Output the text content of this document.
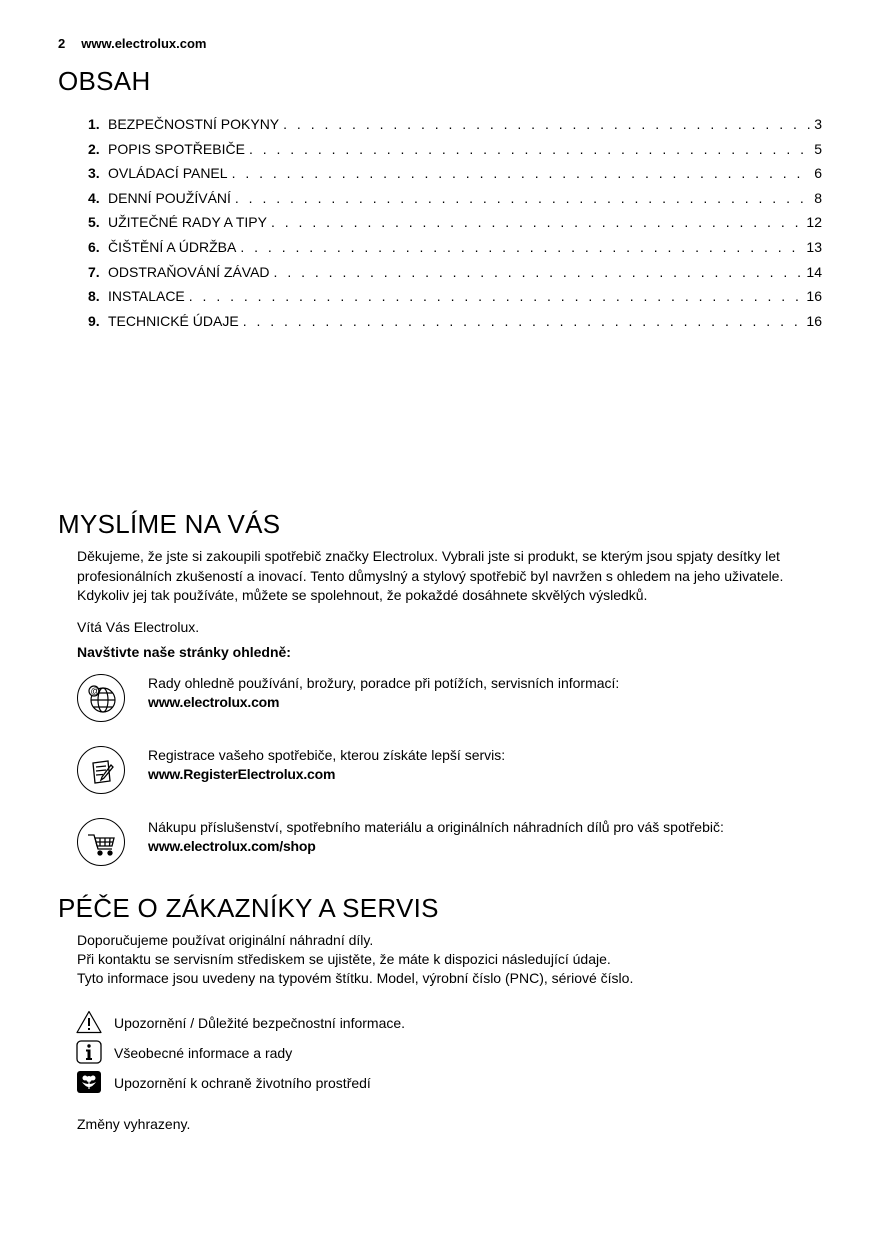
2 www.electrolux.com
OBSAH
1. BEZPEČNOSTNÍ POKYNY . . .	3
2. POPIS SPOTŘEBIČE . . .	5
3. OVLÁDACÍ PANEL . . .	6
4. DENNÍ POUŽÍVÁNÍ . . .	8
5. UŽITEČNÉ RADY A TIPY . . .	12
6. ČIŠTĚNÍ A ÚDRŽBA . . .	13
7. ODSTRAŇOVÁNÍ ZÁVAD . . .	14
8. INSTALACE . . .	16
9. TECHNICKÉ ÚDAJE . . .	16
MYSLÍME NA VÁS

Děkujeme, že jste si zakoupili spotřebič značky Electrolux. Vybrali jste si produkt, se kterým jsou spjaty desítky let profesionálních zkušeností a inovací. Tento důmyslný a stylový spotřebič byl navržen s ohledem na jeho uživatele. Kdykoliv jej tak používáte, můžete se spolehnout, že pokaždé dosáhnete skvělých výsledků.

Vítá Vás Electrolux.

Navštivte naše stránky ohledně:

@	Rady ohledně používání, brožury, poradce při potížích, servisních informací:
www.electrolux.com
Registrace vašeho spotřebiče, kterou získáte lepší servis:
www.RegisterElectrolux.com
Nákupu příslušenství, spotřebního materiálu a originálních náhradních dílů pro váš spotřebič:
www.electrolux.com/shop
PÉČE O ZÁKAZNÍKY A SERVIS

Doporučujeme používat originální náhradní díly.

Při kontaktu se servisním střediskem se ujistěte, že máte k dispozici následující údaje.

Tyto informace jsou uvedeny na typovém štítku. Model, výrobní číslo (PNC), sériové číslo.

Upozornění / Důležité bezpečnostní informace.
Všeobecné informace a rady
Upozornění k ochraně životního prostředí

Změny vyhrazeny.
